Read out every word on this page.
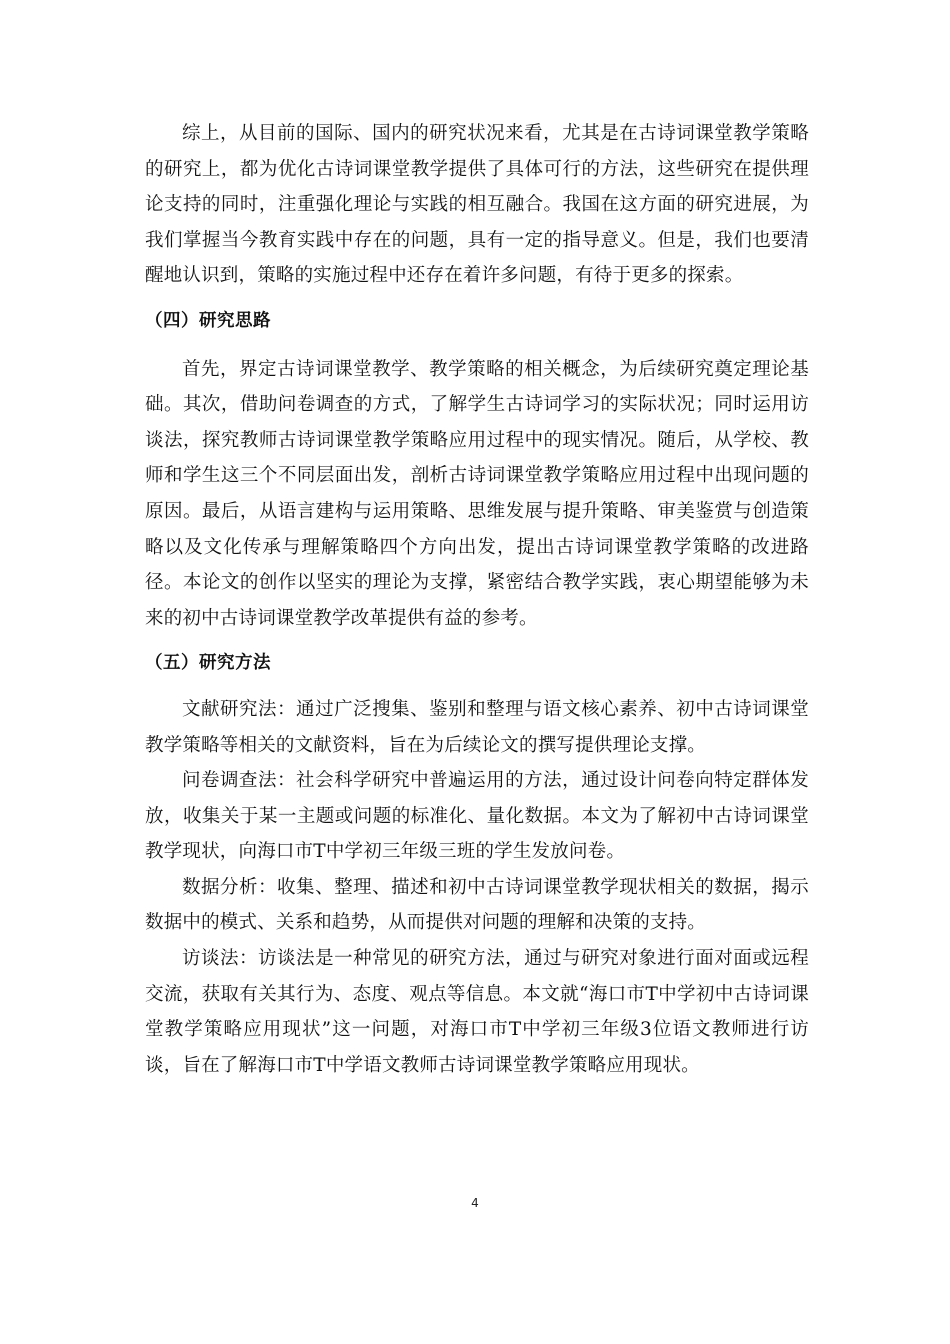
综上，从目前的国际、国内的研究状况来看，尤其是在古诗词课堂教学策略的研究上，都为优化古诗词课堂教学提供了具体可行的方法，这些研究在提供理论支持的同时，注重强化理论与实践的相互融合。我国在这方面的研究进展，为我们掌握当今教育实践中存在的问题，具有一定的指导意义。但是，我们也要清醒地认识到，策略的实施过程中还存在着许多问题，有待于更多的探索。

（四）研究思路

首先，界定古诗词课堂教学、教学策略的相关概念，为后续研究奠定理论基础。其次，借助问卷调查的方式，了解学生古诗词学习的实际状况；同时运用访谈法，探究教师古诗词课堂教学策略应用过程中的现实情况。随后，从学校、教师和学生这三个不同层面出发，剖析古诗词课堂教学策略应用过程中出现问题的原因。最后，从语言建构与运用策略、思维发展与提升策略、审美鉴赏与创造策略以及文化传承与理解策略四个方向出发，提出古诗词课堂教学策略的改进路径。本论文的创作以坚实的理论为支撑，紧密结合教学实践，衷心期望能够为未来的初中古诗词课堂教学改革提供有益的参考。

（五）研究方法

文献研究法：通过广泛搜集、鉴别和整理与语文核心素养、初中古诗词课堂教学策略等相关的文献资料，旨在为后续论文的撰写提供理论支撑。

问卷调查法：社会科学研究中普遍运用的方法，通过设计问卷向特定群体发放，收集关于某一主题或问题的标准化、量化数据。本文为了解初中古诗词课堂教学现状，向海口市T中学初三年级三班的学生发放问卷。

数据分析：收集、整理、描述和初中古诗词课堂教学现状相关的数据，揭示数据中的模式、关系和趋势，从而提供对问题的理解和决策的支持。

访谈法：访谈法是一种常见的研究方法，通过与研究对象进行面对面或远程交流，获取有关其行为、态度、观点等信息。本文就“海口市T中学初中古诗词课堂教学策略应用现状”这一问题，对海口市T中学初三年级3位语文教师进行访谈，旨在了解海口市T中学语文教师古诗词课堂教学策略应用现状。

4
